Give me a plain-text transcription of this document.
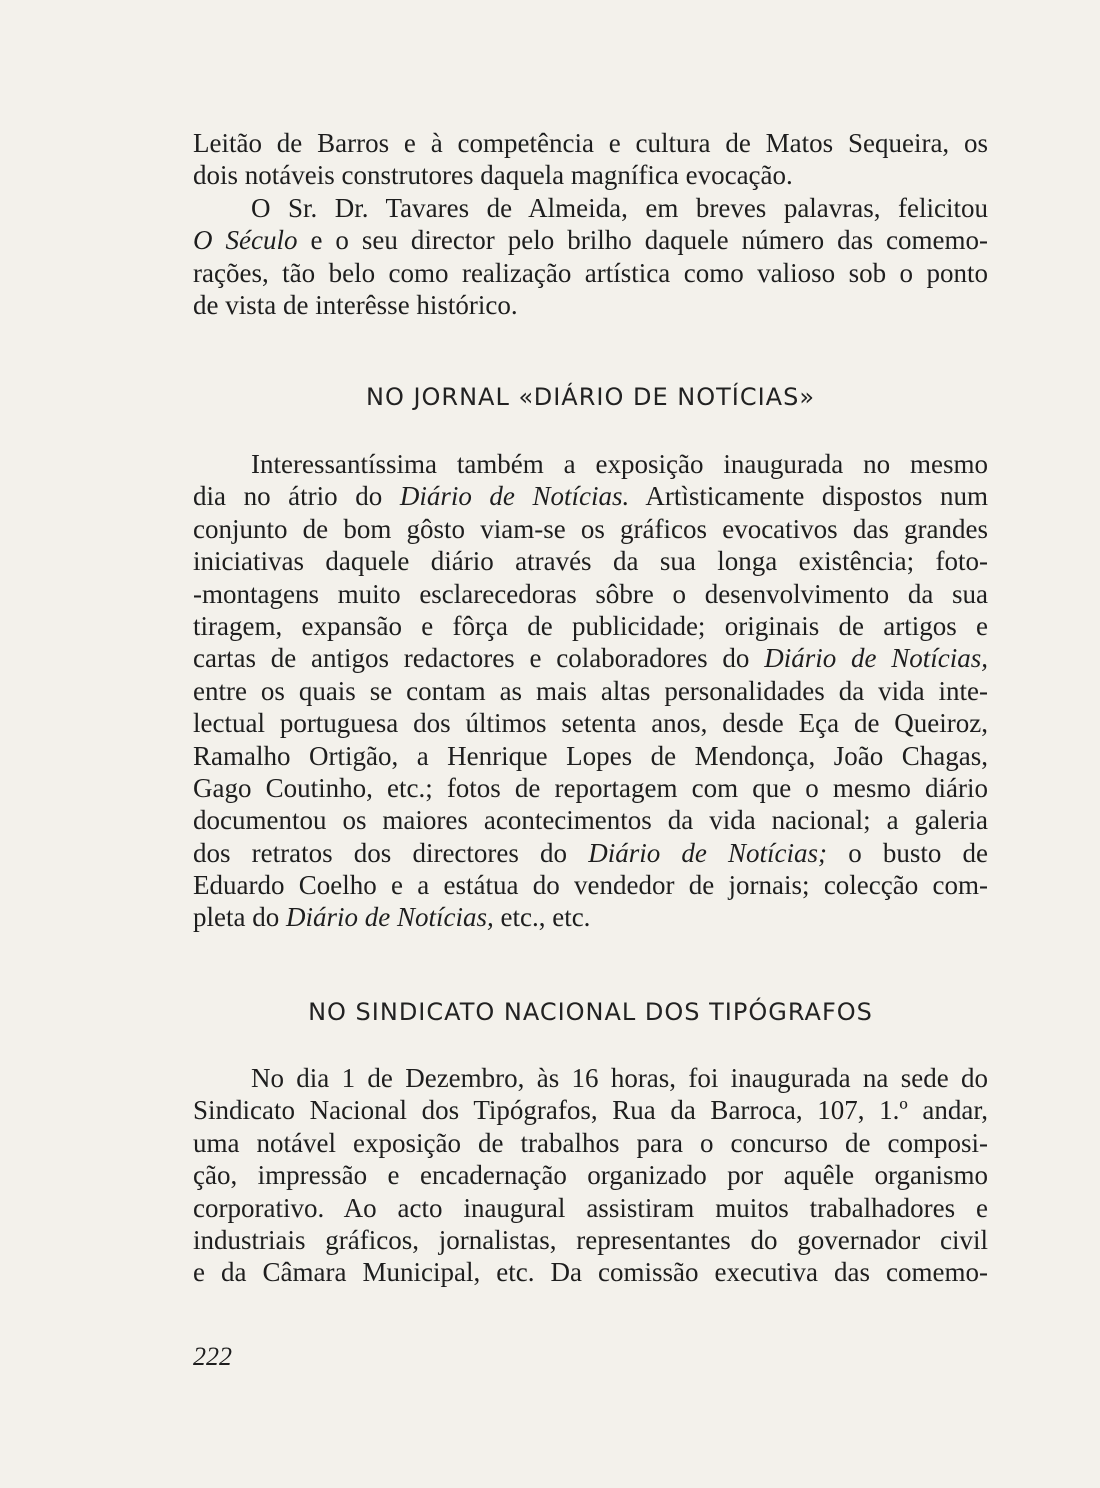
Leitão de Barros e à competência e cultura de Matos Sequeira, os
dois notáveis construtores daquela magnífica evocação.
O Sr. Dr. Tavares de Almeida, em breves palavras, felicitou
O Século e o seu director pelo brilho daquele número das comemo-
rações, tão belo como realização artística como valioso sob o ponto
de vista de interêsse histórico.
NO JORNAL «DIÁRIO DE NOTÍCIAS»
Interessantíssima também a exposição inaugurada no mesmo
dia no átrio do Diário de Notícias. Artìsticamente dispostos num
conjunto de bom gôsto viam-se os gráficos evocativos das grandes
iniciativas daquele diário através da sua longa existência; foto-
-montagens muito esclarecedoras sôbre o desenvolvimento da sua
tiragem, expansão e fôrça de publicidade; originais de artigos e
cartas de antigos redactores e colaboradores do Diário de Notícias,
entre os quais se contam as mais altas personalidades da vida inte-
lectual portuguesa dos últimos setenta anos, desde Eça de Queiroz,
Ramalho Ortigão, a Henrique Lopes de Mendonça, João Chagas,
Gago Coutinho, etc.; fotos de reportagem com que o mesmo diário
documentou os maiores acontecimentos da vida nacional; a galeria
dos retratos dos directores do Diário de Notícias; o busto de
Eduardo Coelho e a estátua do vendedor de jornais; colecção com-
pleta do Diário de Notícias, etc., etc.
NO SINDICATO NACIONAL DOS TIPÓGRAFOS
No dia 1 de Dezembro, às 16 horas, foi inaugurada na sede do
Sindicato Nacional dos Tipógrafos, Rua da Barroca, 107, 1.º andar,
uma notável exposição de trabalhos para o concurso de composi-
ção, impressão e encadernação organizado por aquêle organismo
corporativo. Ao acto inaugural assistiram muitos trabalhadores e
industriais gráficos, jornalistas, representantes do governador civil
e da Câmara Municipal, etc. Da comissão executiva das comemo-
222
